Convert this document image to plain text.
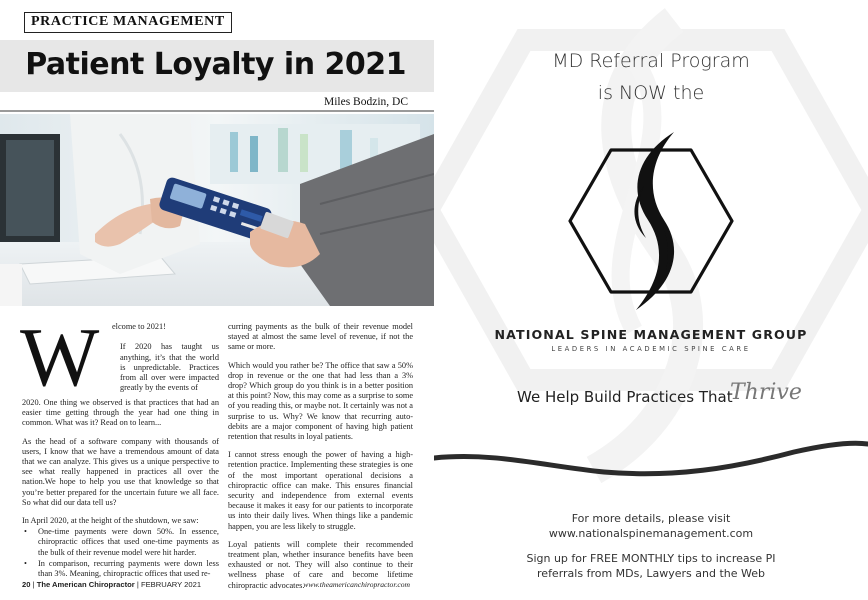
PRACTICE MANAGEMENT
Patient Loyalty in 2021
Miles Bodzin, DC
W elcome to 2021!

If 2020 has taught us anything, it’s that the world is unpredictable. Practices from all over were impacted greatly by the events of

2020. One thing we observed is that practices that had an easier time getting through the year had one thing in common. What was it? Read on to learn...

As the head of a software company with thousands of users, I know that we have a tremendous amount of data that we can analyze. This gives us a unique perspective to see what really happened in practices all over the nation.We hope to help you use that knowledge so that you’re better prepared for the uncertain future we all face. So what did our data tell us?

In April 2020, at the height of the shutdown, we saw:

• One-time payments were down 50%. In essence, chiropractic offices that used one-time payments as the bulk of their revenue model were hit harder.
• In comparison, recurring payments were down less than 3%. Meaning, chiropractic offices that used re-

curring payments as the bulk of their revenue model stayed at almost the same level of revenue, if not the same or more.

Which would you rather be? The office that saw a 50% drop in revenue or the one that had less than a 3% drop? Which group do you think is in a better position at this point? Now, this may come as a surprise to some of you reading this, or maybe not. It certainly was not a surprise to us. Why? We know that recurring auto-debits are a major component of having high patient retention that results in loyal patients.

I cannot stress enough the power of having a high-retention practice. Implementing these strategies is one of the most important operational decisions a chiropractic office can make. This ensures financial security and independence from external events because it makes it easy for our patients to incorporate us into their daily lives. When things like a pandemic happen, you are less likely to struggle.

Loyal patients will complete their recommended treatment plan, whether insurance benefits have been exhausted or not. They will also continue to their wellness phase of care and become lifetime chiropractic advocates.

20 | The American Chiropractor | FEBRUARY 2021	www.theamericanchiropractor.com
MD Referral Program
is NOW the
NATIONAL SPINE MANAGEMENT GROUP
LEADERS IN ACADEMIC SPINE CARE
We Help Build Practices That
Thrive
For more details, please visit
www.nationalspinemanagement.com
Sign up for FREE MONTHLY tips to increase PI
referrals from MDs, Lawyers and the Web
